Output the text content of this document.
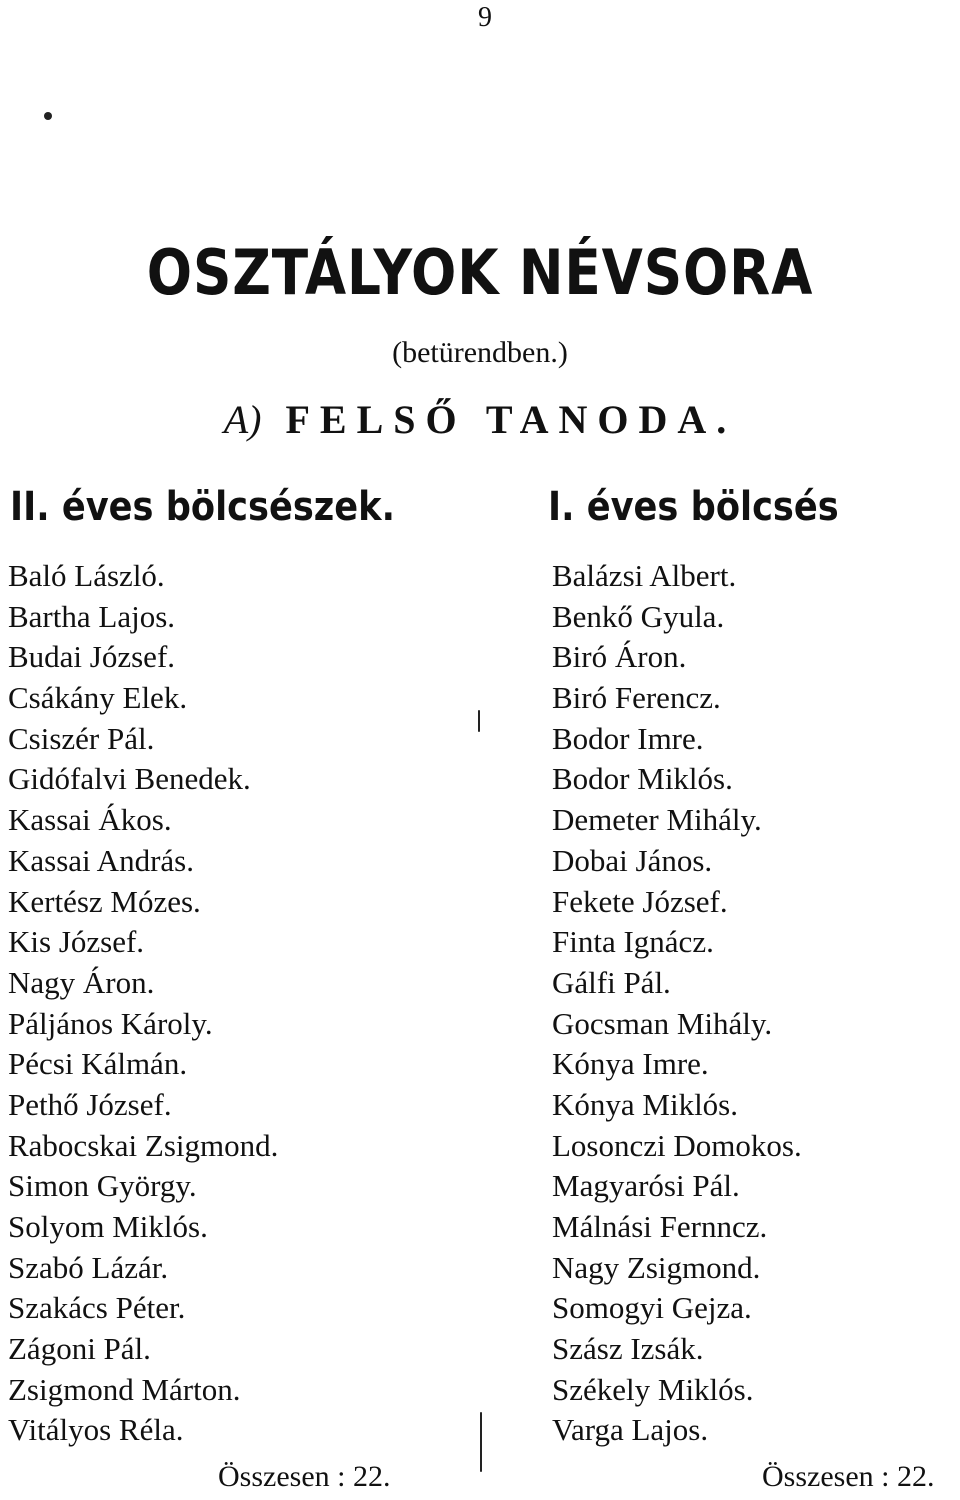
9
OSZTÁLYOK NÉVSORA
(betürendben.)
A) FELSŐ TANODA.
II. éves bölcsészek.	I. éves bölcsés
Baló László.
Bartha Lajos.
Budai József.
Csákány Elek.
Csiszér Pál.
Gidófalvi Benedek.
Kassai Ákos.
Kassai András.
Kertész Mózes.
Kis József.
Nagy Áron.
Páljános Károly.
Pécsi Kálmán.
Pethő József.
Rabocskai Zsigmond.
Simon György.
Solyom Miklós.
Szabó Lázár.
Szakács Péter.
Zágoni Pál.
Zsigmond Márton.
Vitályos Réla.
Balázsi Albert.
Benkő Gyula.
Biró Áron.
Biró Ferencz.
Bodor Imre.
Bodor Miklós.
Demeter Mihály.
Dobai János.
Fekete József.
Finta Ignácz.
Gálfi Pál.
Gocsman Mihály.
Kónya Imre.
Kónya Miklós.
Losonczi Domokos.
Magyarósi Pál.
Málnási Fernncz.
Nagy Zsigmond.
Somogyi Gejza.
Szász Izsák.
Székely Miklós.
Varga Lajos.
Összesen : 22.	Összesen : 22.
